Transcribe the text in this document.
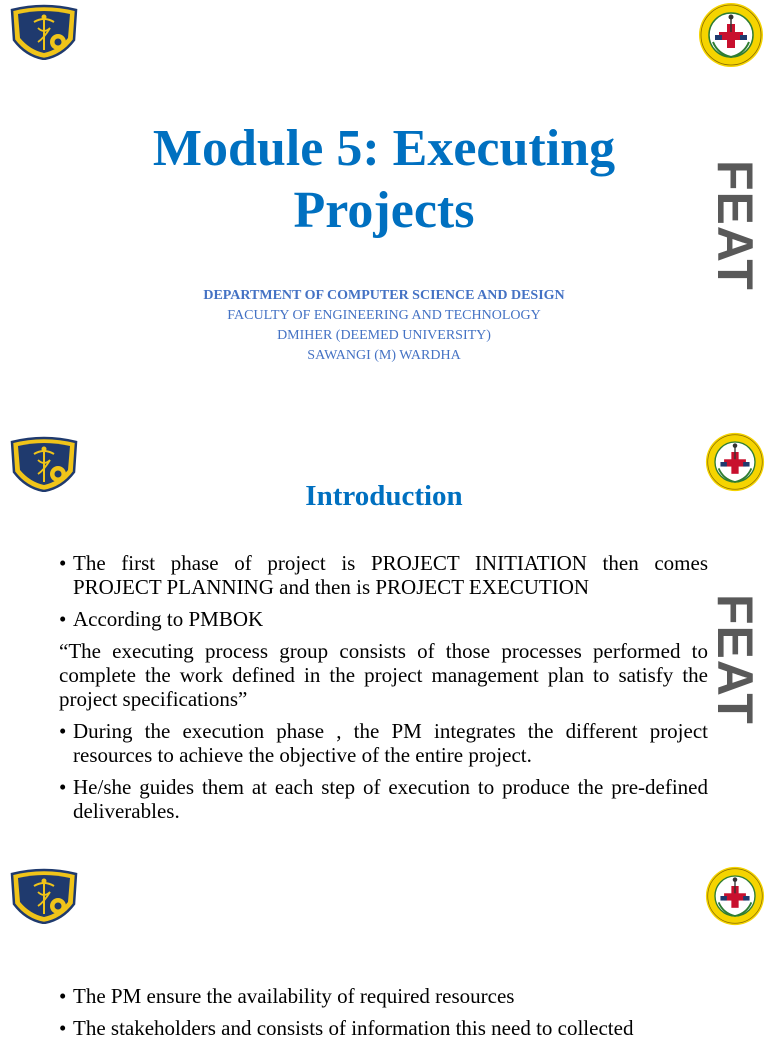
FEAT
Module 5: Executing
Projects
DEPARTMENT OF COMPUTER SCIENCE AND DESIGN
FACULTY OF ENGINEERING AND TECHNOLOGY
DMIHER (DEEMED UNIVERSITY)
SAWANGI (M) WARDHA
FEAT
Introduction
• The first phase of project is PROJECT INITIATION then comes PROJECT PLANNING and then is PROJECT EXECUTION
• According to PMBOK
“The executing process group consists of those processes performed to complete the work defined in the project management plan to satisfy the project specifications”
• During the execution phase , the PM integrates the different project resources to achieve the objective of the entire project.
• He/she guides them at each step of execution to produce the pre-defined deliverables.
• The PM ensure the availability of required resources
• The stakeholders and consists of information this need to collected
